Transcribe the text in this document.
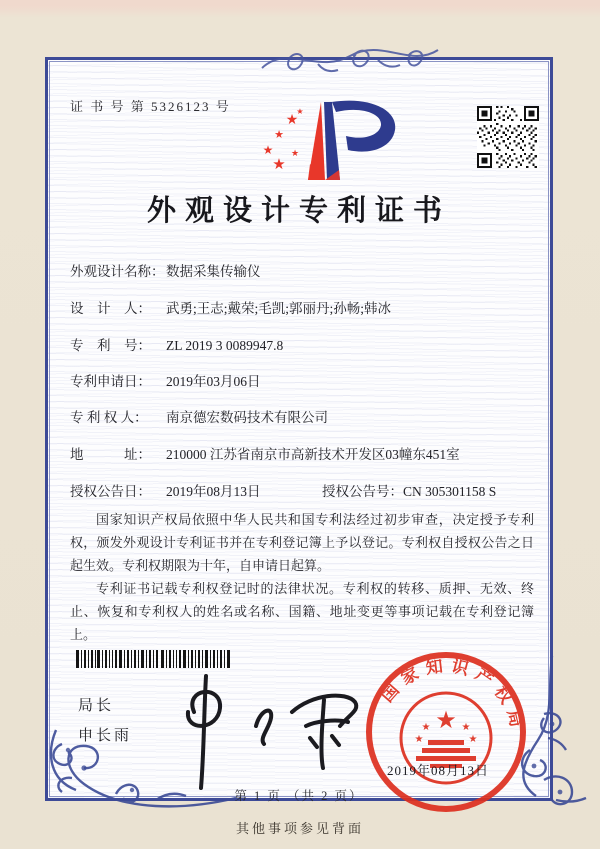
证 书 号 第 5326123 号
★
★
★
★
★
★
外观设计专利证书
外观设计名称： 数据采集传输仪
设　计　人： 武勇;王志;戴荣;毛凯;郭丽丹;孙畅;韩冰
专　利　号： ZL 2019 3 0089947.8
专利申请日： 2019年03月06日
专 利 权 人： 南京德宏数码技术有限公司
地　　　址： 210000 江苏省南京市高新技术开发区03幢东451室
授权公告日： 2019年08月13日	授权公告号：CN 305301158 S

国家知识产权局依照中华人民共和国专利法经过初步审查，决定授予专利权，颁发外观设计专利证书并在专利登记簿上予以登记。专利权自授权公告之日起生效。专利权期限为十年，自申请日起算。

专利证书记载专利权登记时的法律状况。专利权的转移、质押、无效、终止、恢复和专利权人的姓名或名称、国籍、地址变更等事项记载在专利登记簿上。

局长
申长雨
国家知识产权局
★
★	★
★	★
2019年08月13日
第 1 页 （共 2 页）
其他事项参见背面
